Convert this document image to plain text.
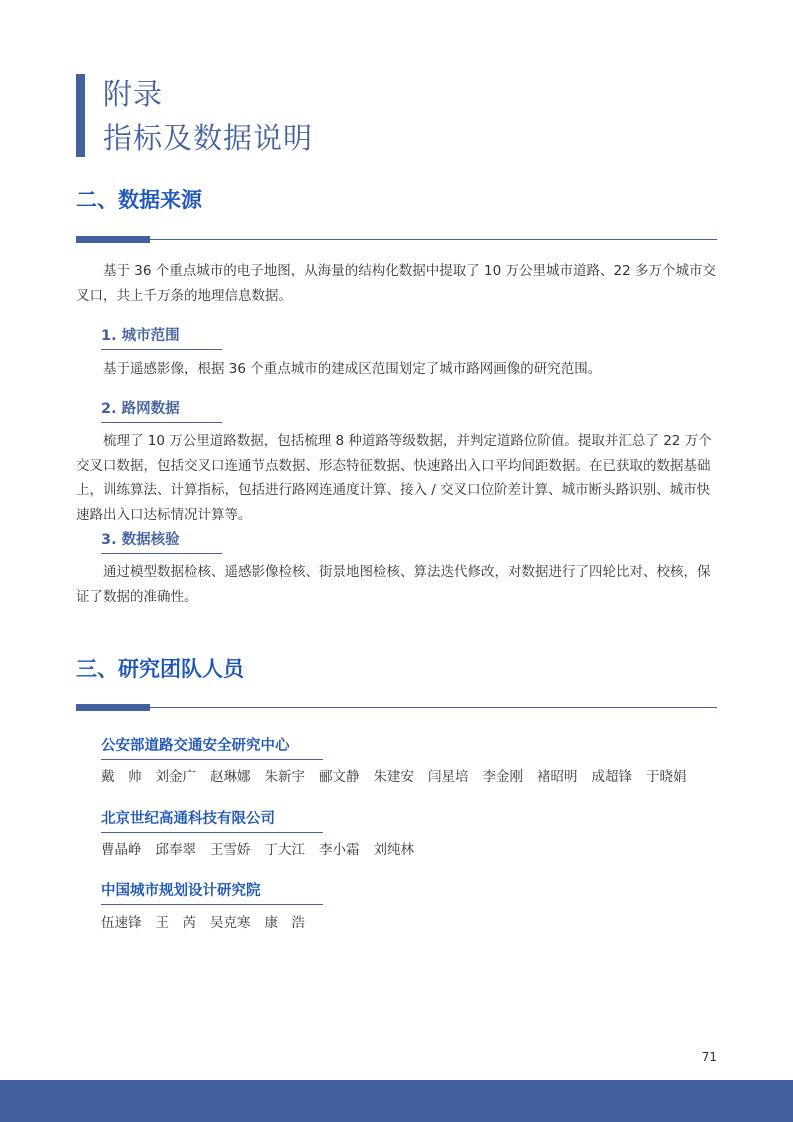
附录
指标及数据说明
二、数据来源

基于 36 个重点城市的电子地图，从海量的结构化数据中提取了 10 万公里城市道路、22 多万个城市交叉口，共上千万条的地理信息数据。

1. 城市范围

基于遥感影像，根据 36 个重点城市的建成区范围划定了城市路网画像的研究范围。

2. 路网数据

梳理了 10 万公里道路数据，包括梳理 8 种道路等级数据，并判定道路位阶值。提取并汇总了 22 万个交叉口数据，包括交叉口连通节点数据、形态特征数据、快速路出入口平均间距数据。在已获取的数据基础上，训练算法、计算指标，包括进行路网连通度计算、接入 / 交叉口位阶差计算、城市断头路识别、城市快速路出入口达标情况计算等。

3. 数据核验

通过模型数据检核、遥感影像检核、街景地图检核、算法迭代修改，对数据进行了四轮比对、校核，保证了数据的准确性。

三、研究团队人员
公安部道路交通安全研究中心
戴　帅 刘金广 赵琳娜 朱新宇 郦文静 朱建安 闫星培 李金刚 褚昭明 成超锋 于晓娟
北京世纪高通科技有限公司
曹晶峥 邱奉翠 王雪娇 丁大江 李小霜 刘纯林
中国城市规划设计研究院
伍速锋 王　芮 吴克寒 康　浩
71
